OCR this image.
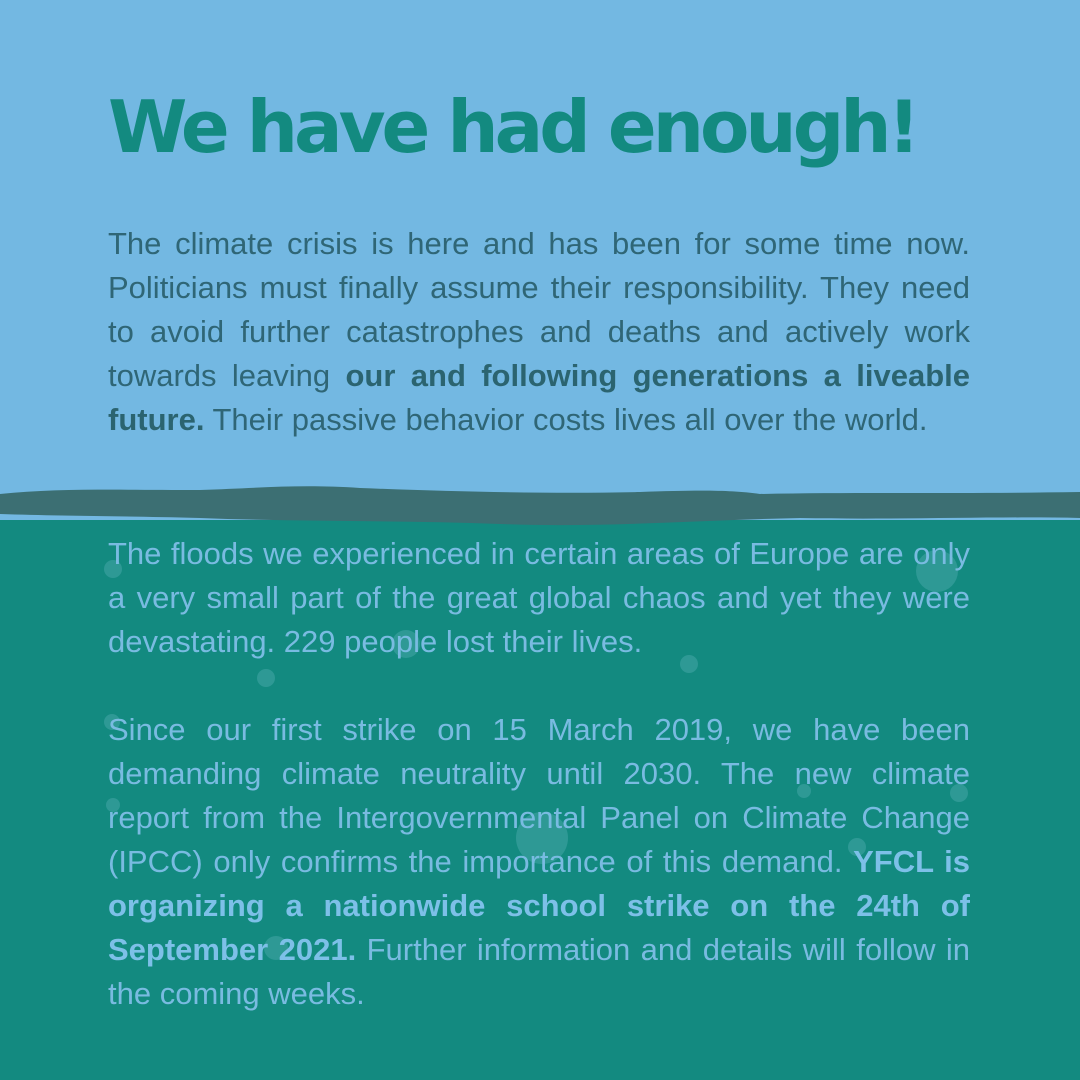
We have had enough!

The climate crisis is here and has been for some time now. Politicians must finally assume their responsibility. They need to avoid further catastrophes and deaths and actively work towards leaving our and following generations a liveable future. Their passive behavior costs lives all over the world.

The floods we experienced in certain areas of Europe are only a very small part of the great global chaos and yet they were devastating. 229 people lost their lives.

Since our first strike on 15 March 2019, we have been demanding climate neutrality until 2030. The new climate report from the Intergovernmental Panel on Climate Change (IPCC) only confirms the importance of this demand. YFCL is organizing a nationwide school strike on the 24th of September 2021. Further information and details will follow in the coming weeks.
